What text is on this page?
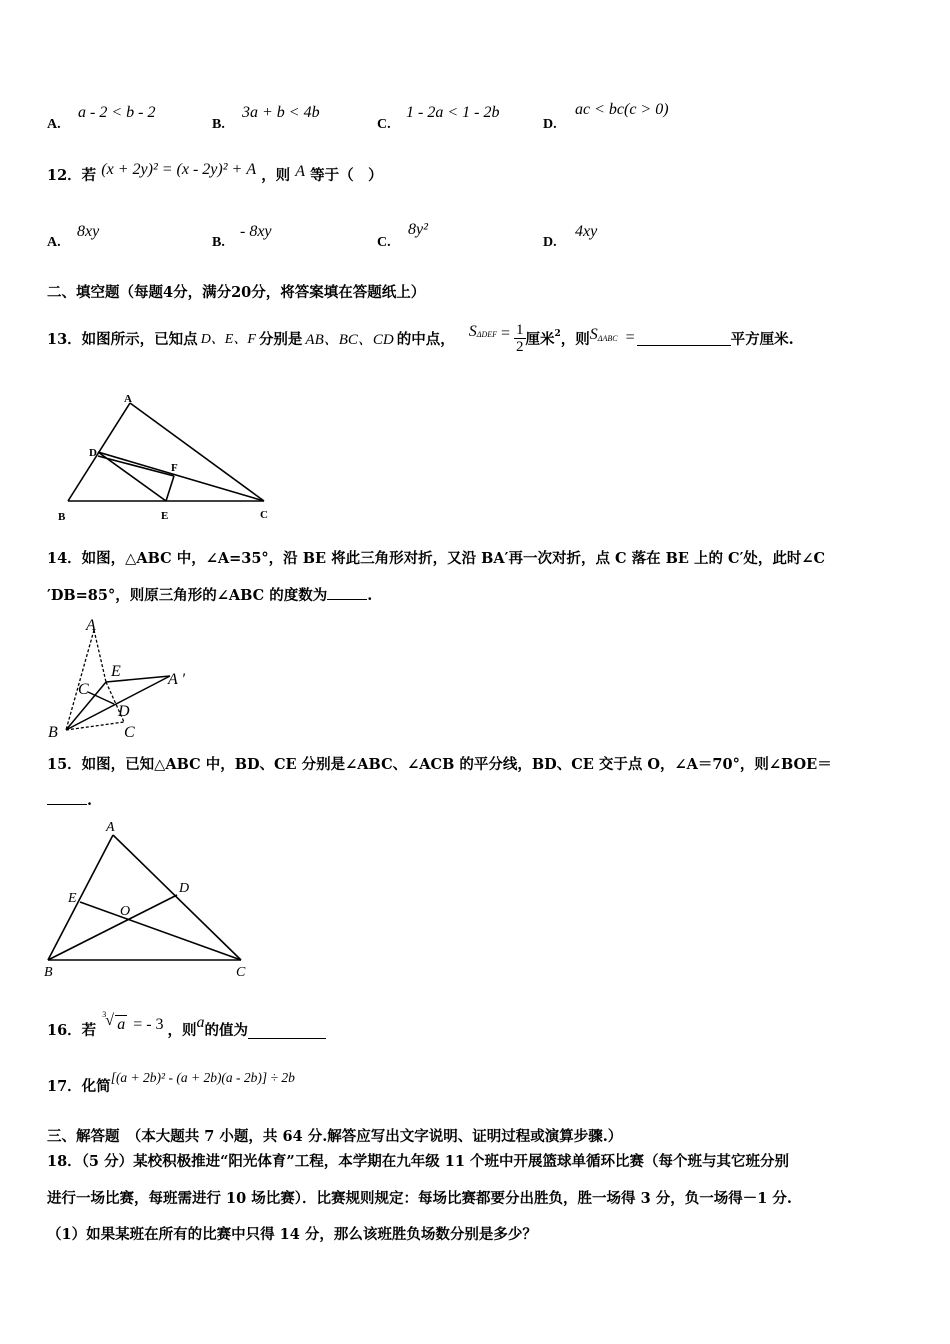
A.
a - 2 < b - 2
B.
3a + b < 4b
C.
1 - 2a < 1 - 2b
D.
ac < bc(c > 0)
12．若 (x + 2y)² = (x - 2y)² + A ，则 A 等于（　）
A.
8xy
B.
- 8xy
C.
8y²
D.
4xy
二、填空题（每题4分，满分20分，将答案填在答题纸上）
13．如图所示，已知点 D、E、F 分别是 AB、BC、CD 的中点， $S_{\Delta DEF} = \frac{1}{2}$ 厘米$^2$ ，则 S ΔABC =	平方厘米.
A
D
F
B	E	C
14．如图，△ABC 中，∠A=35°，沿 BE 将此三角形对折，又沿 BA′再一次对折，点 C 落在 BE 上的 C′处，此时∠C
′DB=85°，则原三角形的∠ABC 的度数为	.
A
E	A ′
C
D
B	C
15．如图，已知△ABC 中，BD、CE 分别是∠ABC、∠ACB 的平分线，BD、CE 交于点 O，∠A＝70°，则∠BOE＝
.
A
E
D
O
B	C
16．若
3 √ a = - 3 ，则 a 的值为
17．化简
[(a + 2b)² - (a + 2b)(a - 2b)] ÷ 2b
三、解答题　（本大题共 7 小题，共 64 分.解答应写出文字说明、证明过程或演算步骤.）
18．（5 分）某校积极推进“阳光体育”工程，本学期在九年级 11 个班中开展篮球单循环比赛（每个班与其它班分别
进行一场比赛，每班需进行 10 场比赛）．比赛规则规定：每场比赛都要分出胜负，胜一场得 3 分，负一场得－1 分.
（1）如果某班在所有的比赛中只得 14 分，那么该班胜负场数分别是多少？
